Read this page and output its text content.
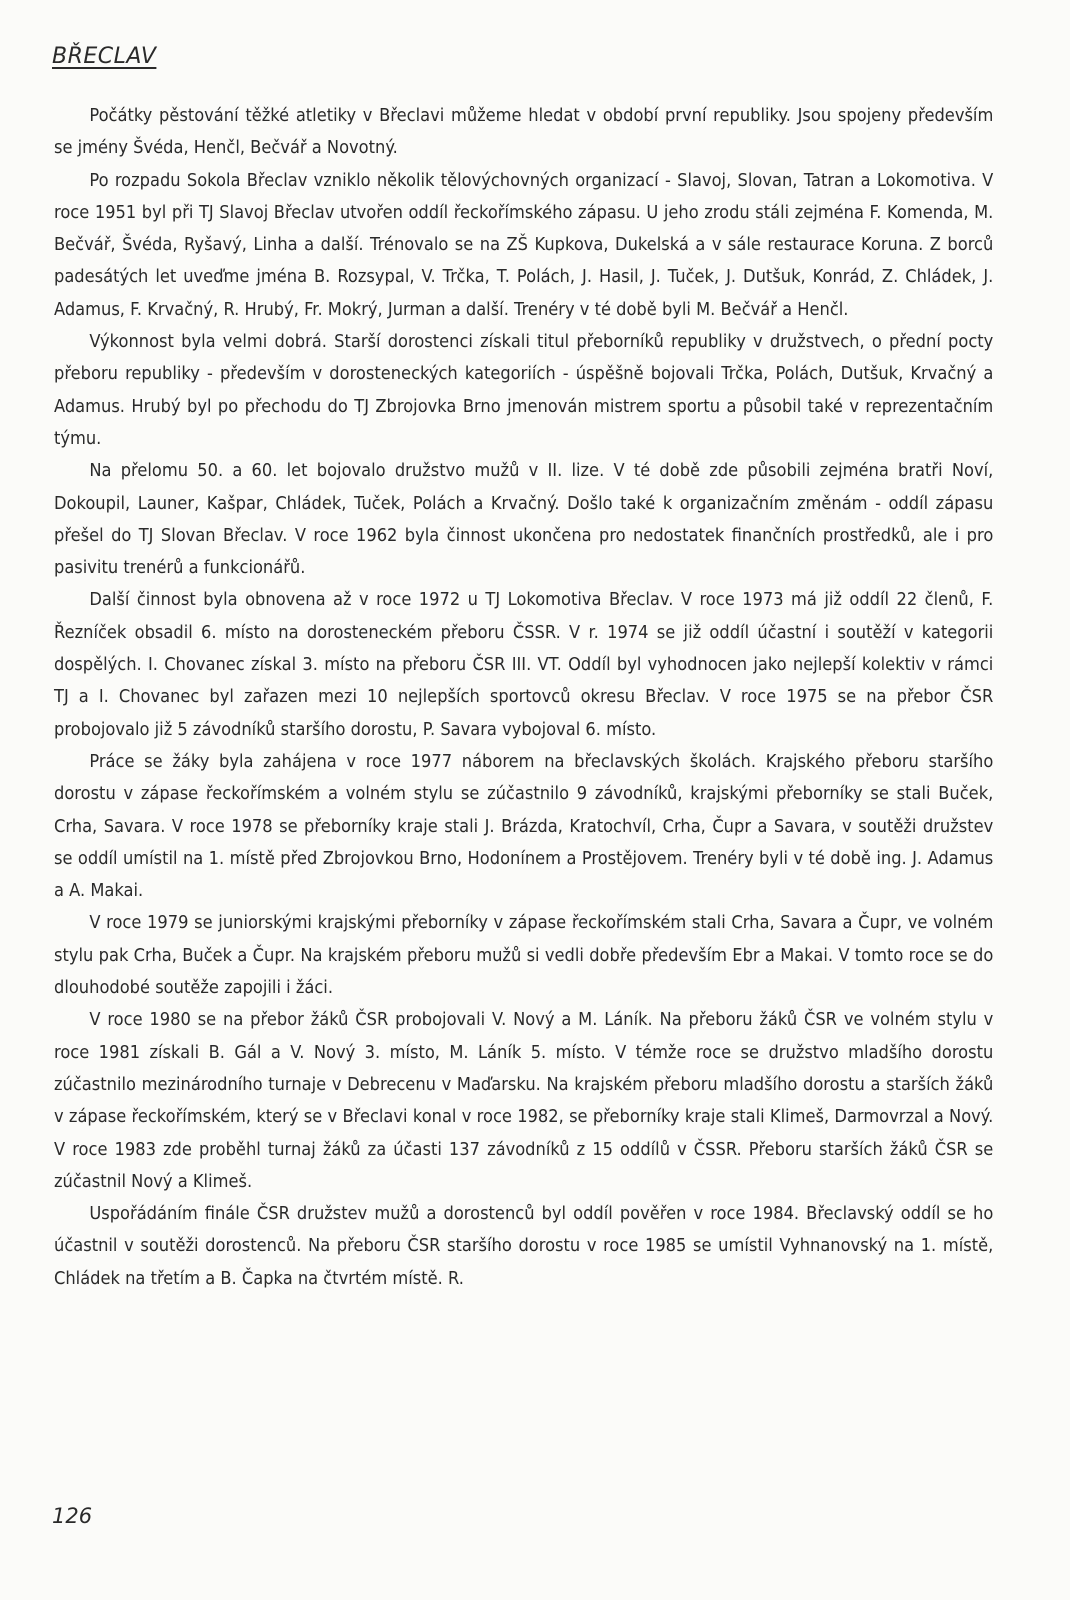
BŘECLAV

Počátky pěstování těžké atletiky v Břeclavi můžeme hledat v období první republiky. Jsou spojeny především se jmény Švéda, Henčl, Bečvář a Novotný.

Po rozpadu Sokola Břeclav vzniklo několik tělovýchovných organizací - Slavoj, Slovan, Tatran a Lokomotiva. V roce 1951 byl při TJ Slavoj Břeclav utvořen oddíl řeckořímského zápasu. U jeho zrodu stáli zejména F. Komenda, M. Bečvář, Švéda, Ryšavý, Linha a další. Trénovalo se na ZŠ Kupkova, Dukelská a v sále restaurace Koruna. Z borců padesátých let uveďme jména B. Rozsypal, V. Trčka, T. Polách, J. Hasil, J. Tuček, J. Dutšuk, Konrád, Z. Chládek, J. Adamus, F. Krvačný, R. Hrubý, Fr. Mokrý, Jurman a další. Trenéry v té době byli M. Bečvář a Henčl.

Výkonnost byla velmi dobrá. Starší dorostenci získali titul přeborníků republiky v družstvech, o přední pocty přeboru republiky - především v dorosteneckých kategoriích - úspěšně bojovali Trčka, Polách, Dutšuk, Krvačný a Adamus. Hrubý byl po přechodu do TJ Zbrojovka Brno jmenován mistrem sportu a působil také v reprezentačním týmu.

Na přelomu 50. a 60. let bojovalo družstvo mužů v II. lize. V té době zde působili zejména bratři Noví, Dokoupil, Launer, Kašpar, Chládek, Tuček, Polách a Krvačný. Došlo také k organizačním změnám - oddíl zápasu přešel do TJ Slovan Břeclav. V roce 1962 byla činnost ukončena pro nedostatek finančních prostředků, ale i pro pasivitu trenérů a funkcionářů.

Další činnost byla obnovena až v roce 1972 u TJ Lokomotiva Břeclav. V roce 1973 má již oddíl 22 členů, F. Řezníček obsadil 6. místo na dorosteneckém přeboru ČSSR. V r. 1974 se již oddíl účastní i soutěží v kategorii dospělých. I. Chovanec získal 3. místo na přeboru ČSR III. VT. Oddíl byl vyhodnocen jako nejlepší kolektiv v rámci TJ a I. Chovanec byl zařazen mezi 10 nejlepších sportovců okresu Břeclav. V roce 1975 se na přebor ČSR probojovalo již 5 závodníků staršího dorostu, P. Savara vybojoval 6. místo.

Práce se žáky byla zahájena v roce 1977 náborem na břeclavských školách. Krajského přeboru staršího dorostu v zápase řeckořímském a volném stylu se zúčastnilo 9 závodníků, krajskými přeborníky se stali Buček, Crha, Savara. V roce 1978 se přeborníky kraje stali J. Brázda, Kratochvíl, Crha, Čupr a Savara, v soutěži družstev se oddíl umístil na 1. místě před Zbrojovkou Brno, Hodonínem a Prostějovem. Trenéry byli v té době ing. J. Adamus a A. Makai.

V roce 1979 se juniorskými krajskými přeborníky v zápase řeckořímském stali Crha, Savara a Čupr, ve volném stylu pak Crha, Buček a Čupr. Na krajském přeboru mužů si vedli dobře především Ebr a Makai. V tomto roce se do dlouhodobé soutěže zapojili i žáci.

V roce 1980 se na přebor žáků ČSR probojovali V. Nový a M. Láník. Na přeboru žáků ČSR ve volném stylu v roce 1981 získali B. Gál a V. Nový 3. místo, M. Láník 5. místo. V témže roce se družstvo mladšího dorostu zúčastnilo mezinárodního turnaje v Debrecenu v Maďarsku. Na krajském přeboru mladšího dorostu a starších žáků v zápase řeckořímském, který se v Břeclavi konal v roce 1982, se přeborníky kraje stali Klimeš, Darmovrzal a Nový. V roce 1983 zde proběhl turnaj žáků za účasti 137 závodníků z 15 oddílů v ČSSR. Přeboru starších žáků ČSR se zúčastnil Nový a Klimeš.

Uspořádáním finále ČSR družstev mužů a dorostenců byl oddíl pověřen v roce 1984. Břeclavský oddíl se ho účastnil v soutěži dorostenců. Na přeboru ČSR staršího dorostu v roce 1985 se umístil Vyhnanovský na 1. místě, Chládek na třetím a B. Čapka na čtvrtém místě. R.

126
